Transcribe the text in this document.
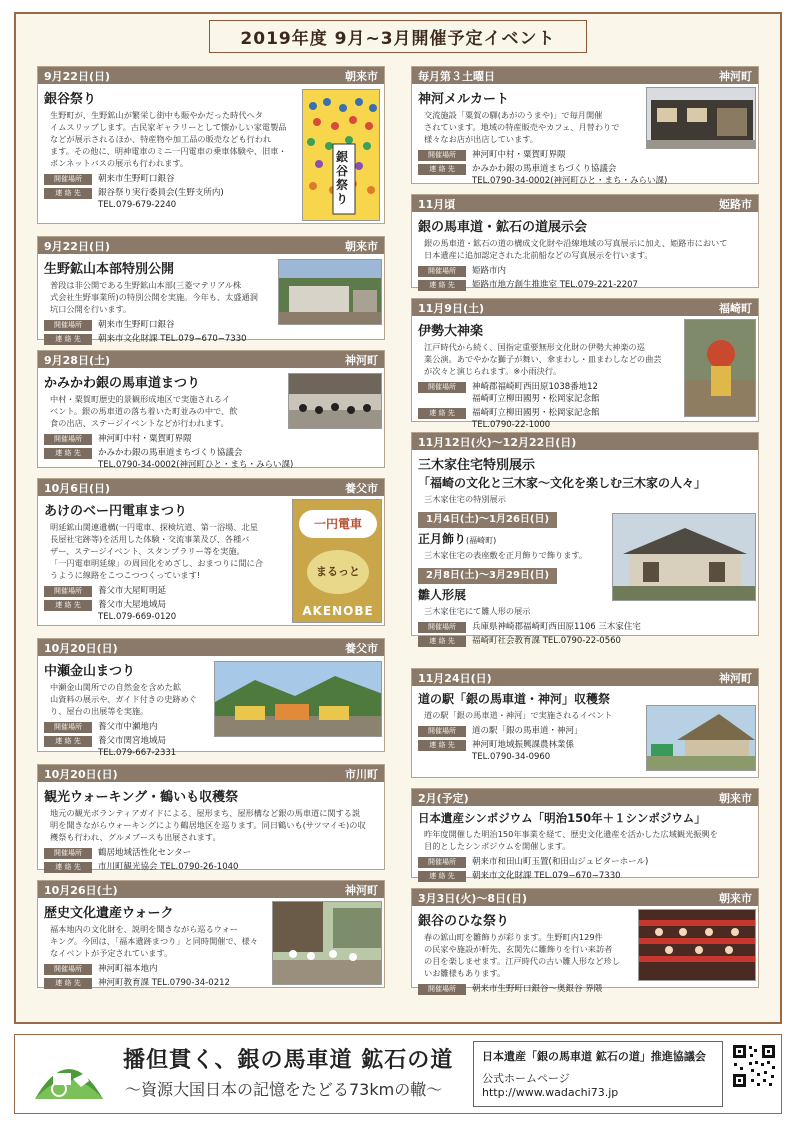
2019年度 9月~3月開催予定イベント
9月22日(日)	朝来市
銀谷祭り
生野町が、生野鉱山が繁栄し街中も賑やかだった時代へタ
イムスリップします。古民家ギャラリーとして懐かしい家電製品
などが展示されるほか、特産物や加工品の販売なども行われ
ます。その他に、明神電車のミニ一円電車の乗車体験や、旧車・
ボンネットバスの展示も行われます。
開催場所	朝来市生野町口銀谷
連 絡 先	銀谷祭り実行委員会(生野支所内)
TEL.079-679-2240
銀谷
祭り
9月22日(日)	朝来市
生野鉱山本部特別公開
普段は非公開である生野鉱山本部(三菱マテリアル株
式会社生野事業所)の特別公開を実施。今年も、太盛通洞
坑口公開を行います。
開催場所	朝来市生野町口銀谷
連 絡 先	朝来市文化財課 TEL.079−670−7330
9月28日(土)	神河町
かみかわ銀の馬車道まつり
中村・粟賀町歴史的景観形成地区で実施されるイ
ベント。銀の馬車道の落ち着いた町並みの中で、飲
食の出店、ステージイベントなどが行われます。
開催場所	神河町中村・粟賀町界隈
連 絡 先	かみかわ銀の馬車道まちづくり協議会
TEL.0790-34-0002(神河町ひと・まち・みらい課)
10月6日(日)	養父市
あけのベー円電車まつり
明延鉱山関連遺構(一円電車、探検坑道、第一浴場、北星
長屋社宅跡等)を活用した体験・交流事業及び、各種バ
ザー、ステージイベント、スタンプラリー等を実施。
「一円電車明延線」の周回化をめざし、おまつりに間に合
うように線路をこつこつつくっています!
開催場所	養父市大屋町明延
連 絡 先	養父市大屋地域局
TEL.079-669-0120
一円電車
まるっと
AKENOBE
10月20日(日)	養父市
中瀬金山まつり
中瀬金山関所での自然金を含めた鉱
山資料の展示や、ガイド付きの史跡めぐ
り、屋台の出展等を実施。
開催場所	養父市中瀬地内
連 絡 先	養父市関宮地域局
TEL.079-667-2331
10月20日(日)	市川町
観光ウォーキング・鶴いも収穫祭
地元の観光ボランティアガイドによる、屋形まち、屋形構など銀の馬車道に関する説
明を聞きながらウォーキングにより鶴居地区を巡ります。同日鶴いも(サツマイモ)の収
穫祭も行われ、グルメブースも出展されます。
開催場所	鶴居地域活性化センター
連 絡 先	市川町観光協会 TEL.0790-26-1040
10月26日(土)	神河町
歴史文化遺産ウォーク
福本地内の文化財を、説明を聞きながら巡るウォー
キング。今回は、「福本遺跡まつり」と同時開催で、様々
なイベントが予定されています。
開催場所	神河町福本地内
連 絡 先	神河町教育課 TEL.0790-34-0212
毎月第３土曜日	神河町
神河メルカート
交流施設「粟賀の驛(あがのうまや)」で毎月開催
されています。地域の特産販売やカフェ、月替わりで
様々なお店が出店しています。
開催場所	神河町中村・粟賀町界隈
連 絡 先	かみかわ銀の馬車道まちづくり協議会
TEL.0790-34-0002(神河町ひと・まち・みらい課)
11月頃	姫路市
銀の馬車道・鉱石の道展示会
銀の馬車道・鉱石の道の構成文化財や沿線地域の写真展示に加え、姫路市において
日本遺産に追加認定された北前船などの写真展示を行います。
開催場所	姫路市内
連 絡 先	姫路市地方創生推進室 TEL.079-221-2207
11月9日(土)	福崎町
伊勢大神楽
江戸時代から続く、国指定重要無形文化財の伊勢大神楽の巡
業公演。あでやかな獅子が舞い、傘まわし・皿まわしなどの曲芸
が次々と演じられます。※小雨決行。
開催場所	神崎郡福崎町西田原1038番地12
福崎町立柳田國男・松岡家記念館
連 絡 先	福崎町立柳田國男・松岡家記念館
TEL.0790-22-1000
11月12日(火)～12月22日(日)
三木家住宅特別展示
「福崎の文化と三木家～文化を楽しむ三木家の人々」
三木家住宅の特別展示
1月4日(土)～1月26日(日)
正月飾り(福崎町)
三木家住宅の表座敷を正月飾りで飾ります。
2月8日(土)～3月29日(日)
雛人形展
三木家住宅にて雛人形の展示
開催場所	兵庫県神崎郡福崎町西田原1106 三木家住宅
連 絡 先	福崎町社会教育課 TEL.0790-22-0560
11月24日(日)	神河町
道の駅「銀の馬車道・神河」収穫祭
道の駅「銀の馬車道・神河」で実施されるイベント
開催場所	道の駅「銀の馬車道・神河」
連 絡 先	神河町地域振興課農林業係
TEL.0790-34-0960
2月(予定)	朝来市
日本遺産シンポジウム「明治150年＋１シンポジウム」
昨年度開催した明治150年事業を経て、歴史文化遺産を活かした広域観光振興を
目的としたシンポジウムを開催します。
開催場所	朝来市和田山町玉置(和田山ジュピターホール)
連 絡 先	朝来市文化財課 TEL.079−670−7330
3月3日(火)～8日(日)	朝来市
銀谷のひな祭り
春の鉱山町を雛飾りが彩ります。生野町内129件
の民家や施設が軒先、玄関先に雛飾りを行い来訪者
の目を楽しませます。江戸時代の古い雛人形など珍し
いお雛様もあります。
開催場所	朝来市生野町口銀谷～奥銀谷 界隈
播但貫く、銀の馬車道 鉱石の道
～資源大国日本の記憶をたどる73kmの轍～
日本遺産「銀の馬車道 鉱石の道」推進協議会
公式ホームページ　http://www.wadachi73.jp
